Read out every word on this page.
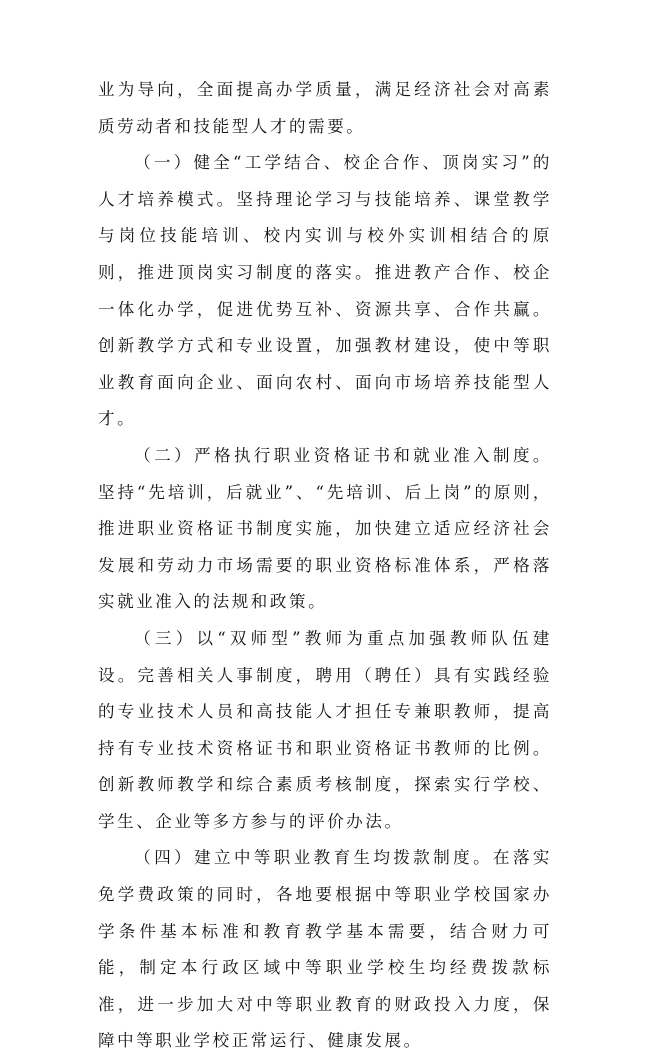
业为导向，全面提高办学质量，满足经济社会对高素质劳动者和技能型人才的需要。

（一）健全“工学结合、校企合作、顶岗实习”的人才培养模式。坚持理论学习与技能培养、课堂教学与岗位技能培训、校内实训与校外实训相结合的原则，推进顶岗实习制度的落实。推进教产合作、校企一体化办学，促进优势互补、资源共享、合作共赢。创新教学方式和专业设置，加强教材建设，使中等职业教育面向企业、面向农村、面向市场培养技能型人才。

（二）严格执行职业资格证书和就业准入制度。坚持“先培训，后就业”、“先培训、后上岗”的原则，推进职业资格证书制度实施，加快建立适应经济社会发展和劳动力市场需要的职业资格标准体系，严格落实就业准入的法规和政策。

（三）以“双师型”教师为重点加强教师队伍建设。完善相关人事制度，聘用（聘任）具有实践经验的专业技术人员和高技能人才担任专兼职教师，提高持有专业技术资格证书和职业资格证书教师的比例。创新教师教学和综合素质考核制度，探索实行学校、学生、企业等多方参与的评价办法。

（四）建立中等职业教育生均拨款制度。在落实免学费政策的同时，各地要根据中等职业学校国家办学条件基本标准和教育教学基本需要，结合财力可能，制定本行政区域中等职业学校生均经费拨款标准，进一步加大对中等职业教育的财政投入力度，保障中等职业学校正常运行、健康发展。
